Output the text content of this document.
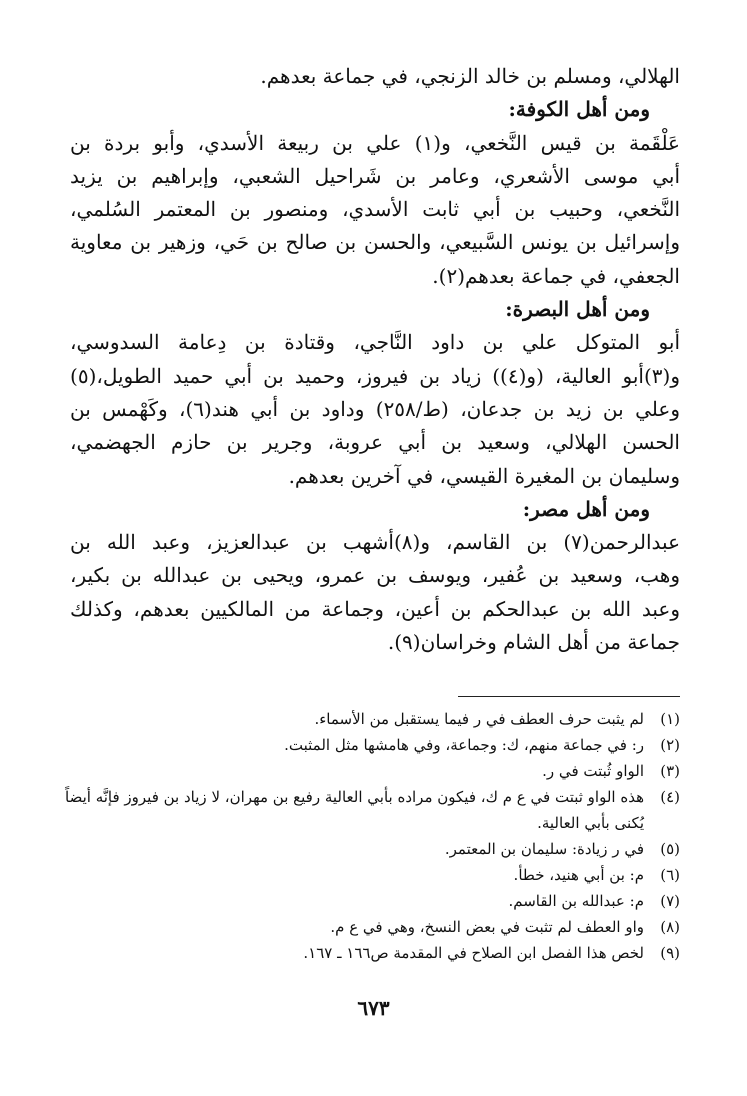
الهلالي، ومسلم بن خالد الزنجي، في جماعة بعدهم.
ومن أهل الكوفة:
عَلْقَمة بن قيس النَّخعي، و(١) علي بن ربيعة الأسدي، وأبو بردة بن
أبي موسى الأشعري، وعامر بن شَراحيل الشعبي، وإبراهيم بن يزيد
النَّخعي، وحبيب بن أبي ثابت الأسدي، ومنصور بن المعتمر السُلمي،
وإسرائيل بن يونس السَّبيعي، والحسن بن صالح بن حَي، وزهير بن معاوية
الجعفي، في جماعة بعدهم(٢).
ومن أهل البصرة:
أبو المتوكل علي بن داود النَّاجي، وقتادة بن دِعامة السدوسي،
و(٣)أبو العالية، (و(٤)) زياد بن فيروز، وحميد بن أبي حميد الطويل،(٥)
وعلي بن زيد بن جدعان، (ط/٢٥٨) وداود بن أبي هند(٦)، وكَهْمس بن
الحسن الهلالي، وسعيد بن أبي عروبة، وجرير بن حازم الجهضمي،
وسليمان بن المغيرة القيسي، في آخرين بعدهم.
ومن أهل مصر:
عبدالرحمن(٧) بن القاسم، و(٨)أشهب بن عبدالعزيز، وعبد الله بن
وهب، وسعيد بن عُفير، ويوسف بن عمرو، ويحيى بن عبدالله بن بكير،
وعبد الله بن عبدالحكم بن أعين، وجماعة من المالكيين بعدهم، وكذلك
جماعة من أهل الشام وخراسان(٩).
(١)
لم يثبت حرف العطف في ر فيما يستقبل من الأسماء.
(٢)
ر: في جماعة منهم، ك: وجماعة، وفي هامشها مثل المثبت.
(٣)
الواو ثُبتت في ر.
(٤)
هذه الواو ثبتت في ع م ك، فيكون مراده بأبي العالية رفيع بن مهران، لا زياد بن فيروز فإنَّه أيضاً يُكنى بأبي العالية.
(٥)
في ر زيادة: سليمان بن المعتمر.
(٦)
م: بن أبي هنيد، خطأ.
(٧)
م: عبدالله بن القاسم.
(٨)
واو العطف لم تثبت في بعض النسخ، وهي في ع م.
(٩)
لخص هذا الفصل ابن الصلاح في المقدمة ص١٦٦ ـ ١٦٧.
٦٧٣
